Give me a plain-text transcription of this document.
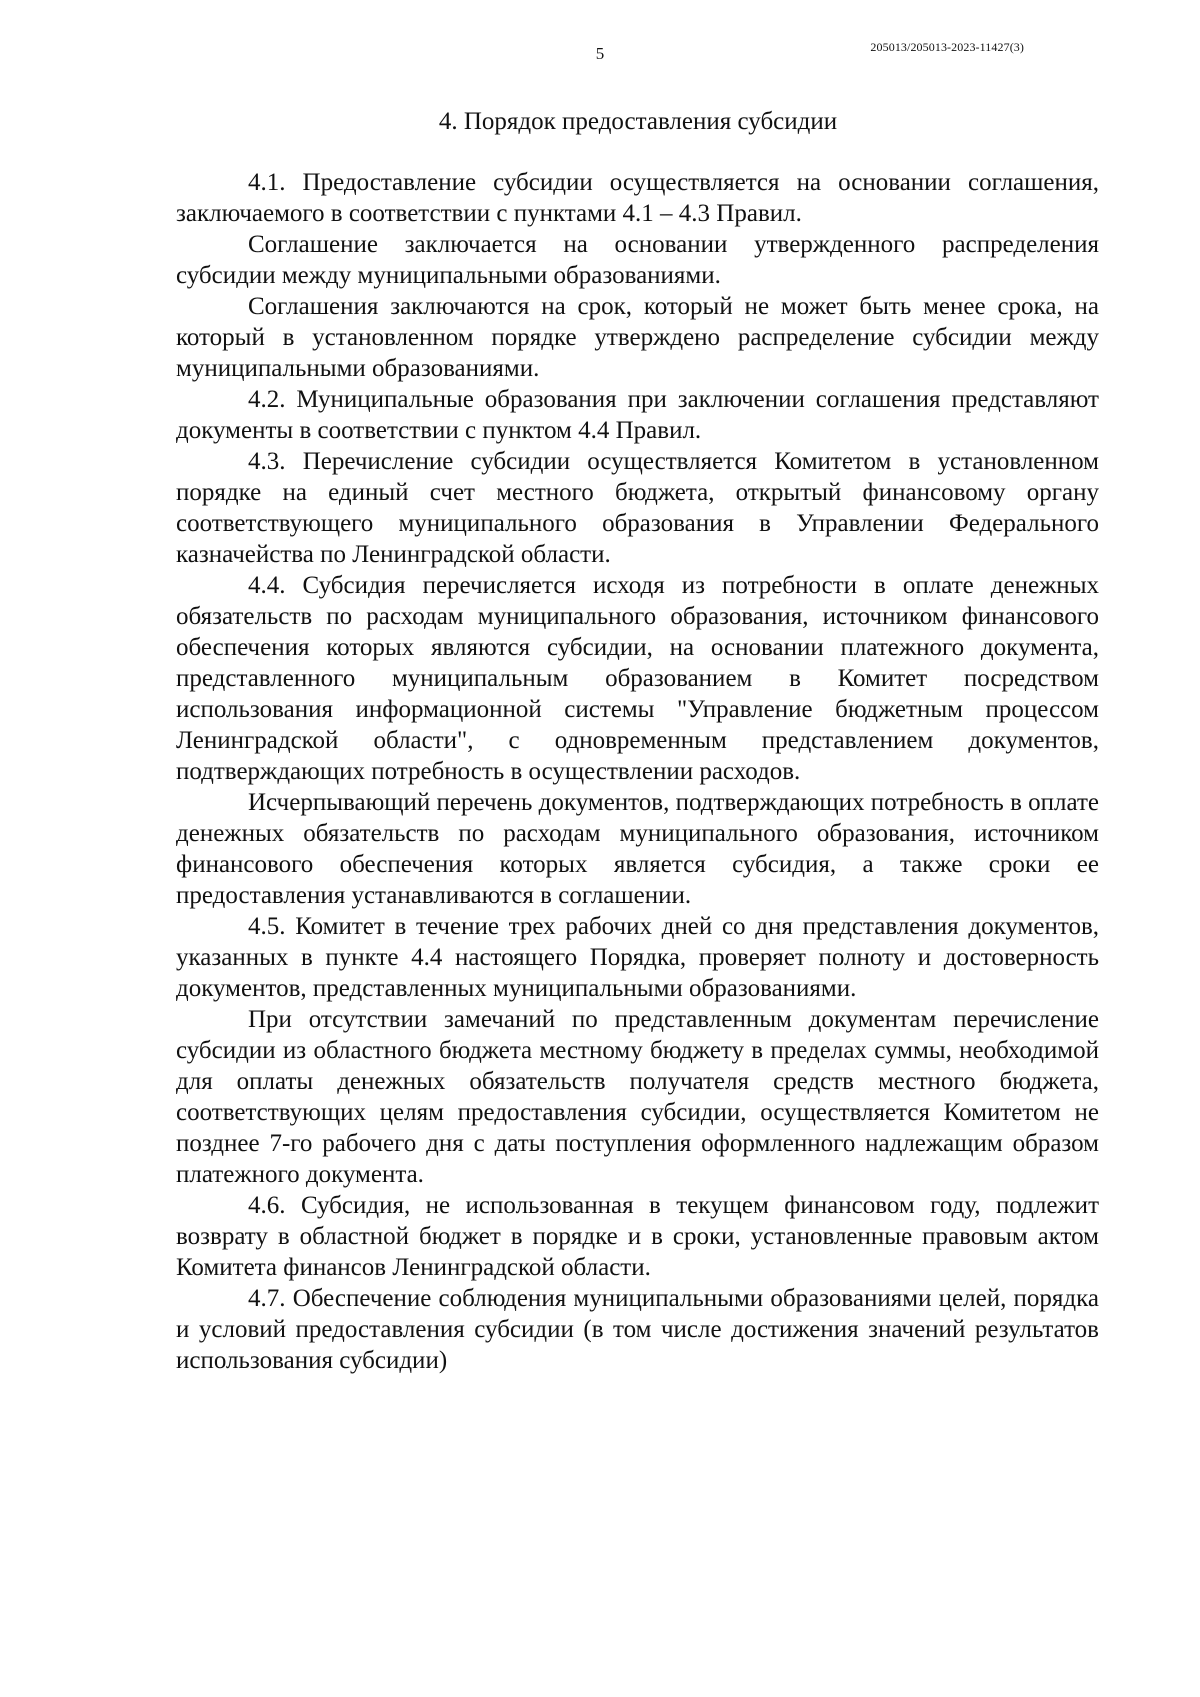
5	205013/205013-2023-11427(3)
4. Порядок предоставления субсидии

4.1. Предоставление субсидии осуществляется на основании соглашения, заключаемого в соответствии с пунктами 4.1 – 4.3 Правил.

Соглашение заключается на основании утвержденного распределения субсидии между муниципальными образованиями.

Соглашения заключаются на срок, который не может быть менее срока, на который в установленном порядке утверждено распределение субсидии между муниципальными образованиями.

4.2. Муниципальные образования при заключении соглашения представляют документы в соответствии с пунктом 4.4 Правил.

4.3. Перечисление субсидии осуществляется Комитетом в установленном порядке на единый счет местного бюджета, открытый финансовому органу соответствующего муниципального образования в Управлении Федерального казначейства по Ленинградской области.

4.4. Субсидия перечисляется исходя из потребности в оплате денежных обязательств по расходам муниципального образования, источником финансового обеспечения которых являются субсидии, на основании платежного документа, представленного муниципальным образованием в Комитет посредством использования информационной системы "Управление бюджетным процессом Ленинградской области", с одновременным представлением документов, подтверждающих потребность в осуществлении расходов.

Исчерпывающий перечень документов, подтверждающих потребность в оплате денежных обязательств по расходам муниципального образования, источником финансового обеспечения которых является субсидия, а также сроки ее предоставления устанавливаются в соглашении.

4.5. Комитет в течение трех рабочих дней со дня представления документов, указанных в пункте 4.4 настоящего Порядка, проверяет полноту и достоверность документов, представленных муниципальными образованиями.

При отсутствии замечаний по представленным документам перечисление субсидии из областного бюджета местному бюджету в пределах суммы, необходимой для оплаты денежных обязательств получателя средств местного бюджета, соответствующих целям предоставления субсидии, осуществляется Комитетом не позднее 7-го рабочего дня с даты поступления оформленного надлежащим образом платежного документа.

4.6. Субсидия, не использованная в текущем финансовом году, подлежит возврату в областной бюджет в порядке и в сроки, установленные правовым актом Комитета финансов Ленинградской области.

4.7. Обеспечение соблюдения муниципальными образованиями целей, порядка и условий предоставления субсидии (в том числе достижения значений результатов использования субсидии)
